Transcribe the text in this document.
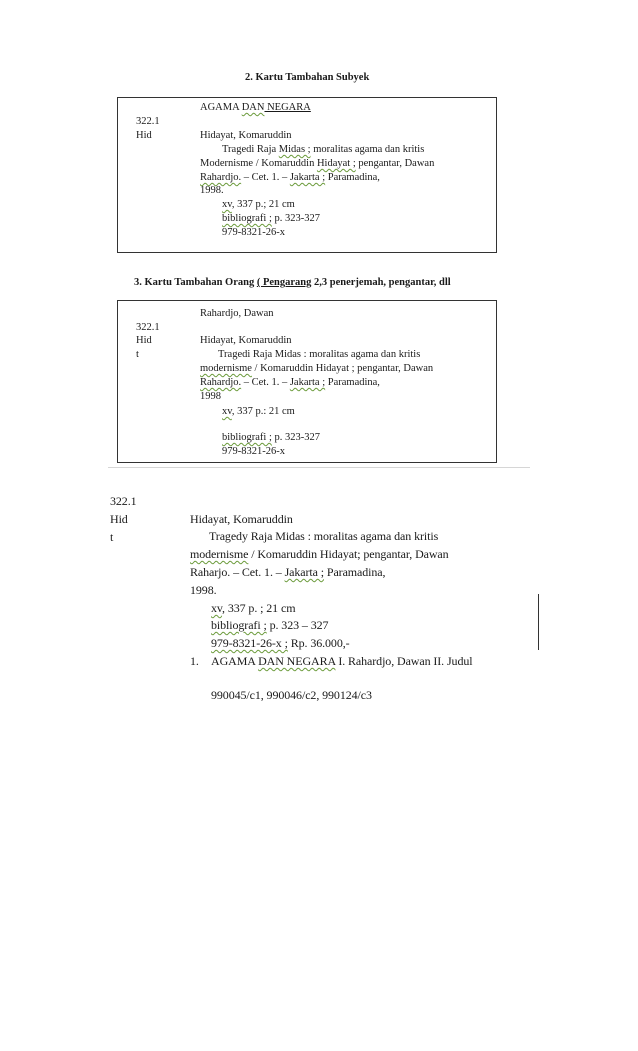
2. Kartu Tambahan Subyek
AGAMA DAN NEGARA
322.1
Hid	Hidayat, Komaruddin
Tragedi Raja Midas ; moralitas agama dan kritis
Modernisme / Komaruddin Hidayat ; pengantar, Dawan
Rahardjo. – Cet. 1. – Jakarta ; Paramadina,
1998.
xv, 337 p.; 21 cm
bibliografi ; p. 323-327
979-8321-26-x
3. Kartu Tambahan Orang ( Pengarang 2,3 penerjemah, pengantar, dll
Rahardjo, Dawan
322.1
Hid	Hidayat, Komaruddin
t	Tragedi Raja Midas : moralitas agama dan kritis
modernisme / Komaruddin Hidayat ; pengantar, Dawan
Rahardjo. – Cet. 1. – Jakarta ; Paramadina,
1998
xv, 337 p.: 21 cm
bibliografi ; p. 323-327
979-8321-26-x
322.1
Hid	Hidayat, Komaruddin
t	Tragedy Raja Midas : moralitas agama dan kritis
modernisme / Komaruddin Hidayat; pengantar, Dawan
Raharjo. – Cet. 1. – Jakarta ; Paramadina,
1998.
xv, 337 p. ; 21 cm
bibliografi ; p. 323 – 327
979-8321-26-x ; Rp. 36.000,-
1. AGAMA DAN NEGARA I. Rahardjo, Dawan II. Judul
990045/c1, 990046/c2, 990124/c3
